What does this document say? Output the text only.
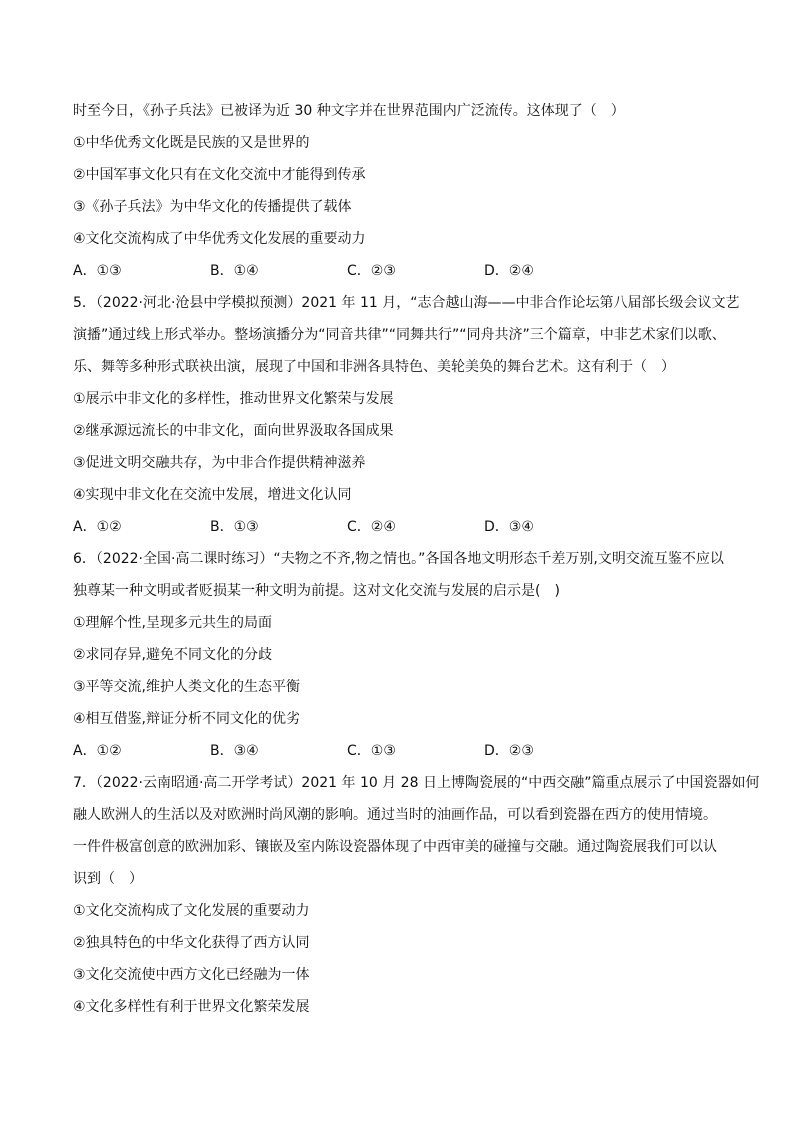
时至今日，《孙子兵法》已被译为近 30 种文字并在世界范围内广泛流传。这体现了（　）
①中华优秀文化既是民族的又是世界的
②中国军事文化只有在文化交流中才能得到传承
③《孙子兵法》为中华文化的传播提供了载体
④文化交流构成了中华优秀文化发展的重要动力
A．①③	B．①④	C．②③	D．②④
5．（2022·河北·沧县中学模拟预测）2021 年 11 月，“志合越山海——中非合作论坛第八届部长级会议文艺
演播”通过线上形式举办。整场演播分为“同音共律”“同舞共行”“同舟共济”三个篇章，中非艺术家们以歌、
乐、舞等多种形式联袂出演，展现了中国和非洲各具特色、美轮美奂的舞台艺术。这有利于（　）
①展示中非文化的多样性，推动世界文化繁荣与发展
②继承源远流长的中非文化，面向世界汲取各国成果
③促进文明交融共存，为中非合作提供精神滋养
④实现中非文化在交流中发展，增进文化认同
A．①②	B．①③	C．②④	D．③④
6．（2022·全国·高二课时练习）“夫物之不齐,物之情也。”各国各地文明形态千差万别,文明交流互鉴不应以
独尊某一种文明或者贬损某一种文明为前提。这对文化交流与发展的启示是(　)
①理解个性,呈现多元共生的局面
②求同存异,避免不同文化的分歧
③平等交流,维护人类文化的生态平衡
④相互借鉴,辩证分析不同文化的优劣
A．①②	B．③④	C．①③	D．②③
7．（2022·云南昭通·高二开学考试）2021 年 10 月 28 日上博陶瓷展的“中西交融”篇重点展示了中国瓷器如何
融人欧洲人的生活以及对欧洲时尚风潮的影响。通过当时的油画作品，可以看到瓷器在西方的使用情境。
一件件极富创意的欧洲加彩、镶嵌及室内陈设瓷器体现了中西审美的碰撞与交融。通过陶瓷展我们可以认
识到（　）
①文化交流构成了文化发展的重要动力
②独具特色的中华文化获得了西方认同
③文化交流使中西方文化已经融为一体
④文化多样性有利于世界文化繁荣发展
